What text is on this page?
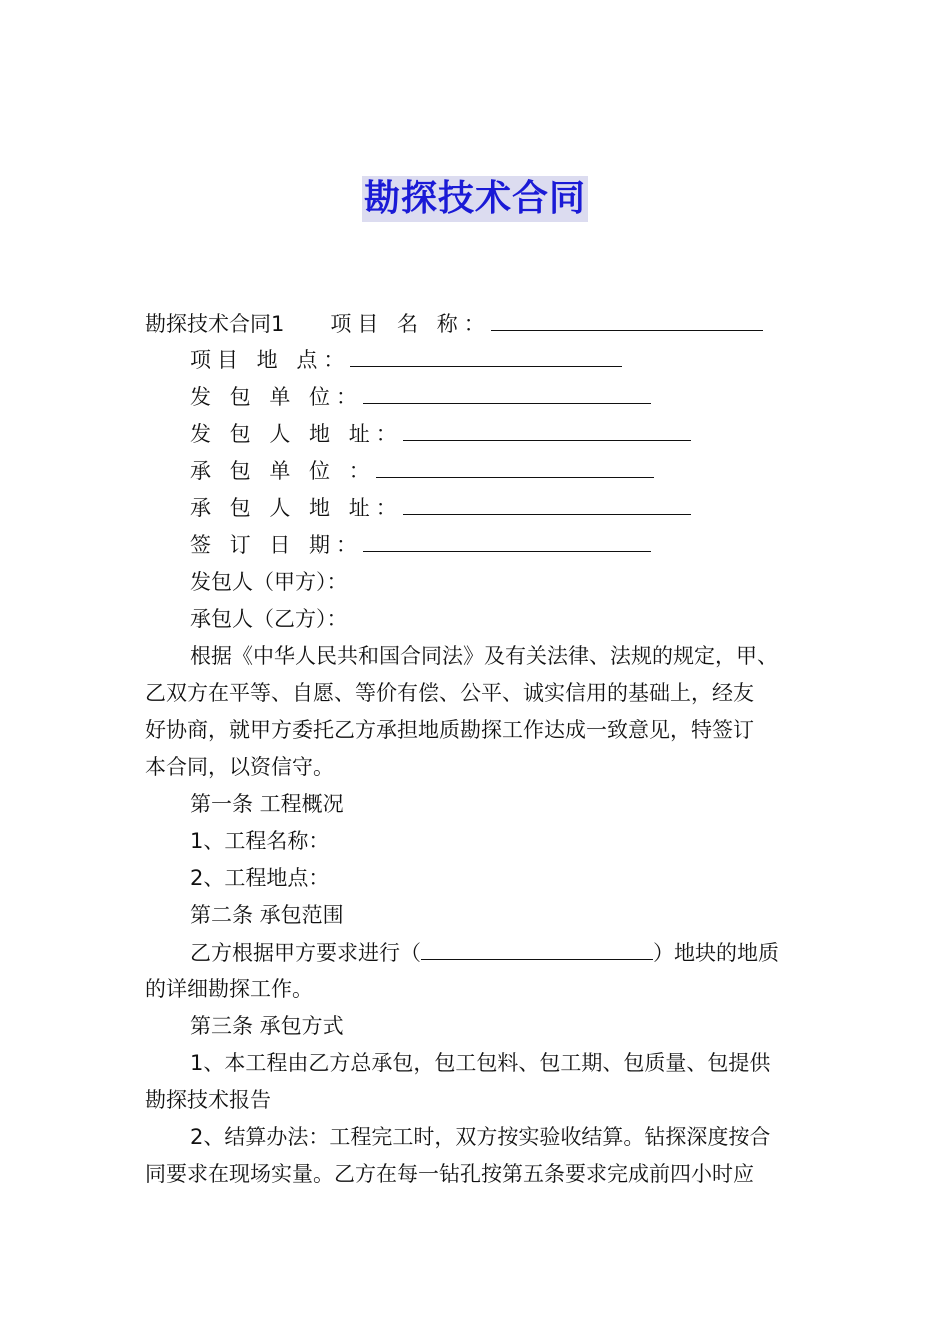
勘探技术合同
勘探技术合同1 项目 名 称：
项目 地 点：
发 包 单 位：
发 包 人 地 址：
承 包 单 位 ：
承 包 人 地 址：
签 订 日 期：
发包人（甲方）：
承包人（乙方）：
根据《中华人民共和国合同法》及有关法律、法规的规定，甲、
乙双方在平等、自愿、等价有偿、公平、诚实信用的基础上，经友
好协商，就甲方委托乙方承担地质勘探工作达成一致意见，特签订
本合同，以资信守。
第一条 工程概况
1、工程名称：
2、工程地点：
第二条 承包范围
乙方根据甲方要求进行（	）地块的地质
的详细勘探工作。
第三条 承包方式
1、本工程由乙方总承包，包工包料、包工期、包质量、包提供
勘探技术报告
2、结算办法：工程完工时，双方按实验收结算。钻探深度按合
同要求在现场实量。乙方在每一钻孔按第五条要求完成前四小时应
